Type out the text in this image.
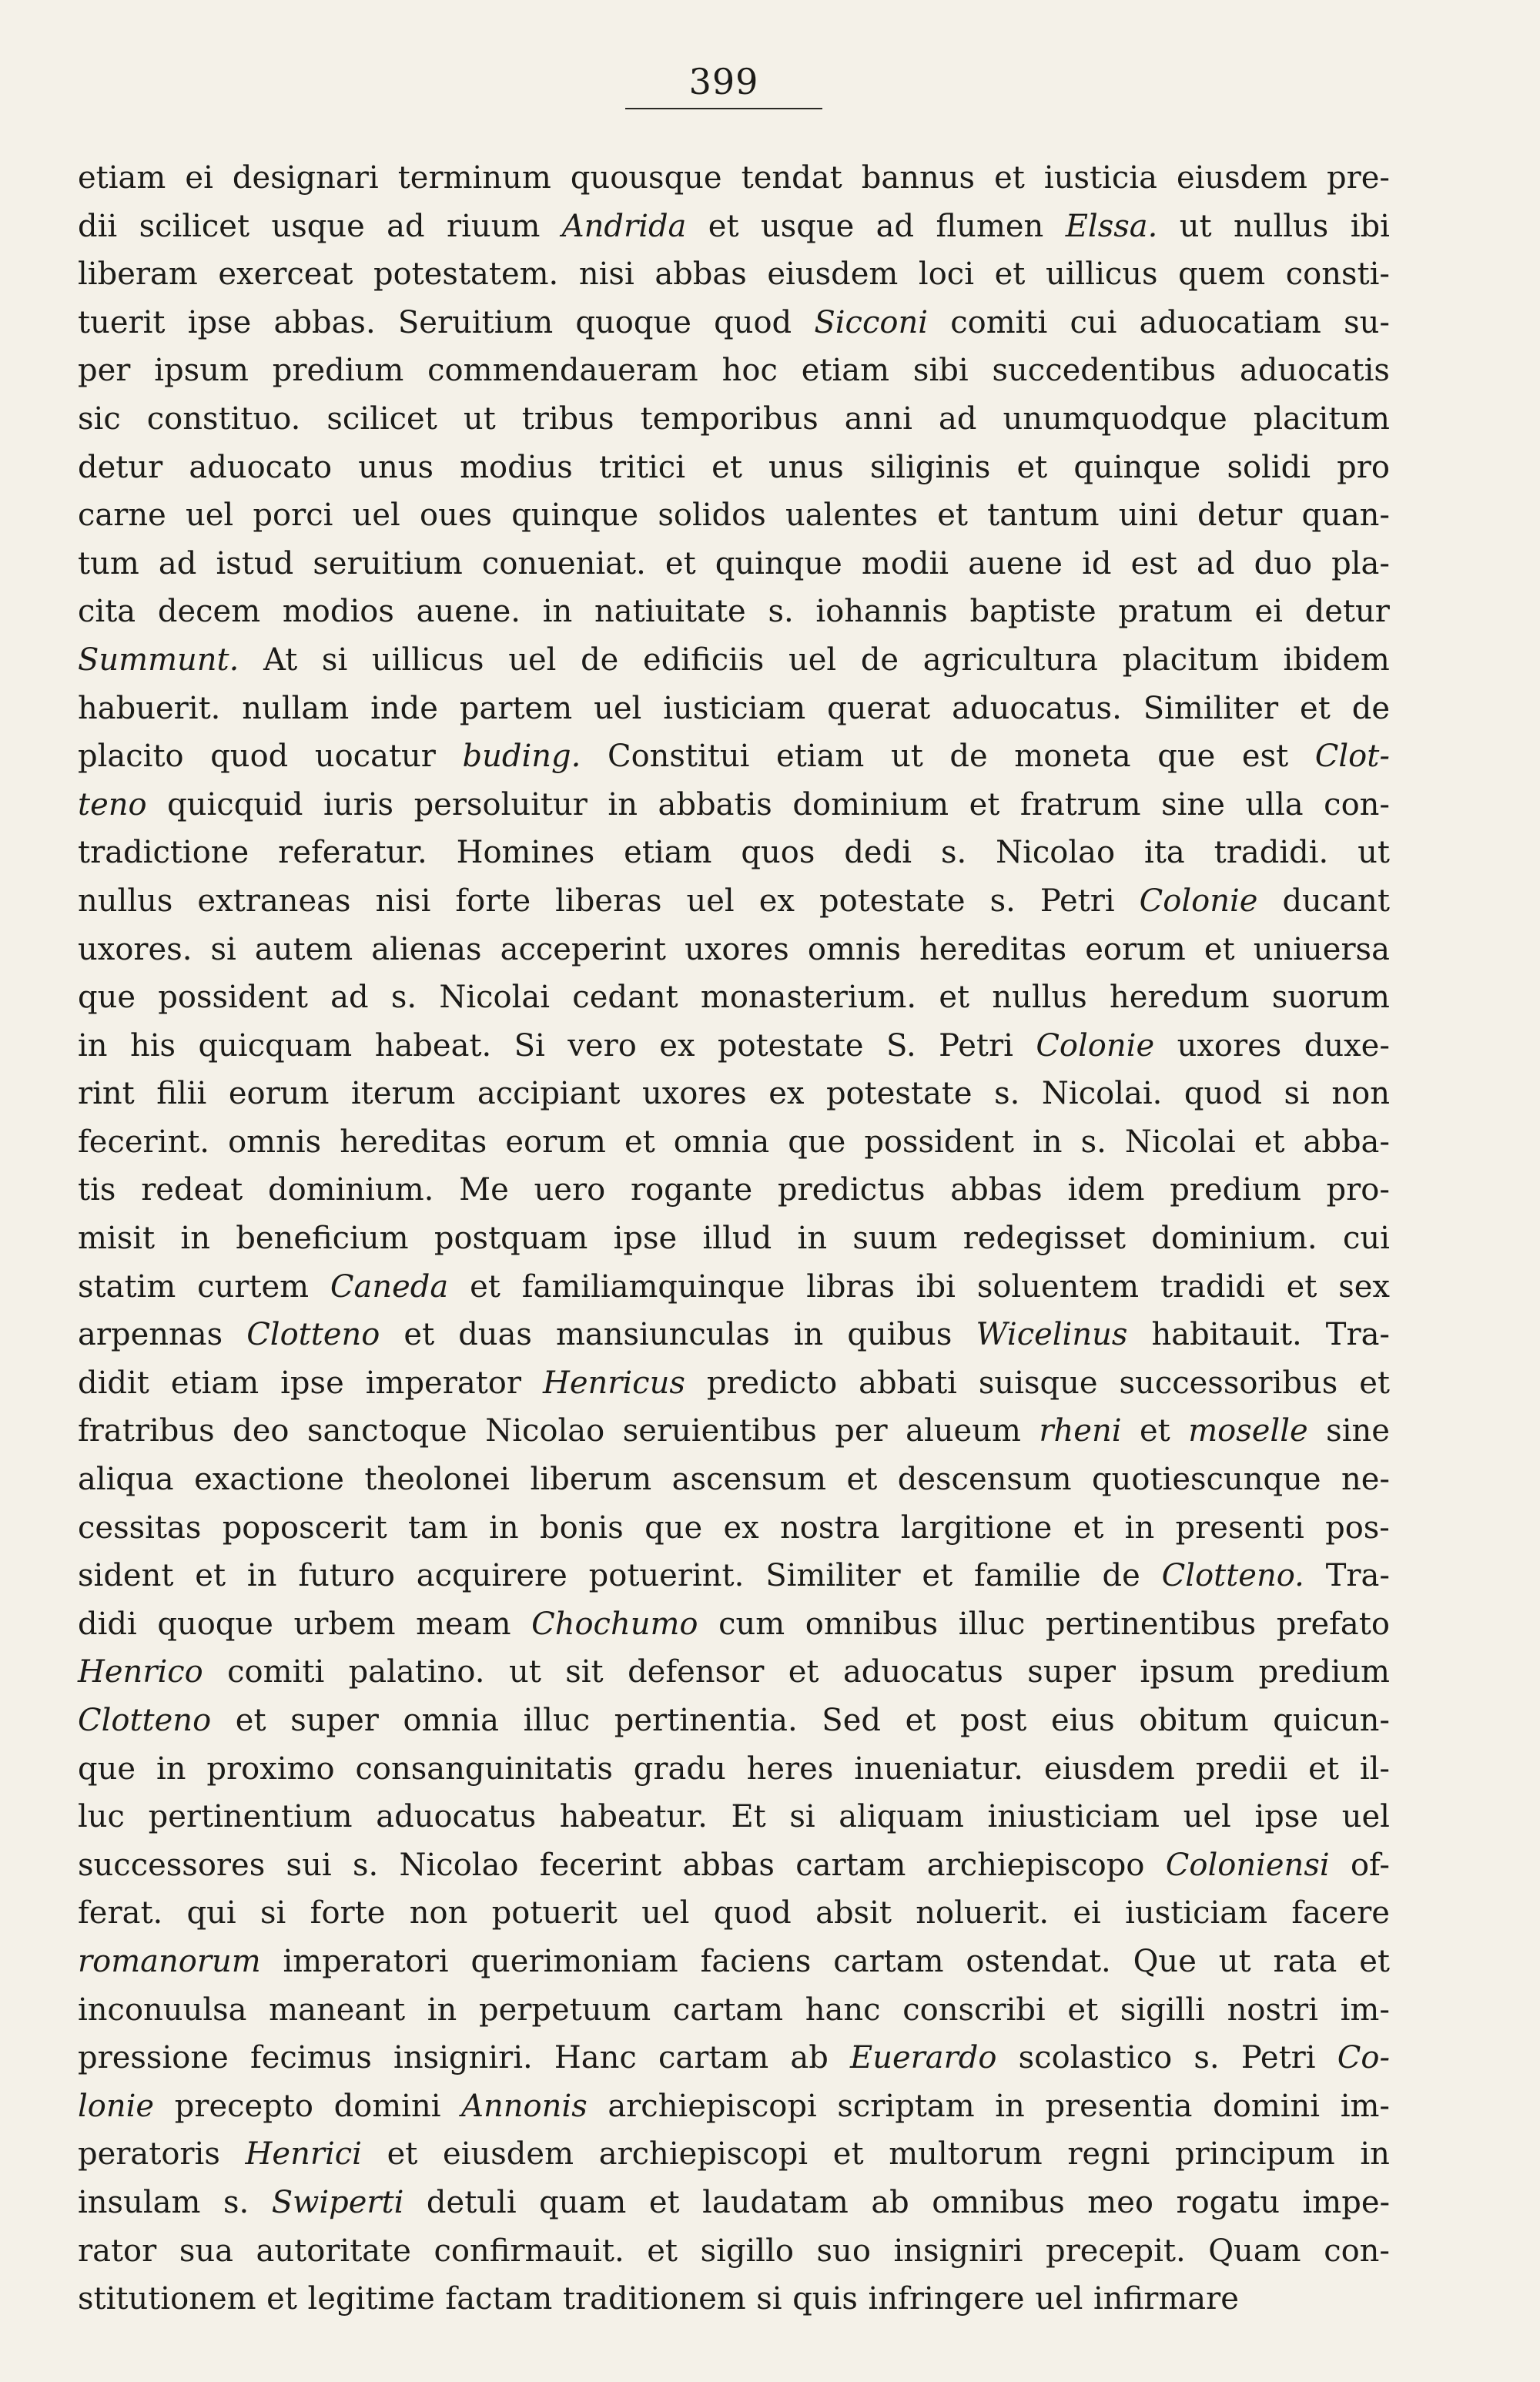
399
etiam ei designari terminum quousque tendat bannus et iusticia eiusdem pre-
dii scilicet usque ad riuum Andrida et usque ad flumen Elssa. ut nullus ibi
liberam exerceat potestatem. nisi abbas eiusdem loci et uillicus quem consti-
tuerit ipse abbas. Seruitium quoque quod Sicconi comiti cui aduocatiam su-
per ipsum predium commendaueram hoc etiam sibi succedentibus aduocatis
sic constituo. scilicet ut tribus temporibus anni ad unumquodque placitum
detur aduocato unus modius tritici et unus siliginis et quinque solidi pro
carne uel porci uel oues quinque solidos ualentes et tantum uini detur quan-
tum ad istud seruitium conueniat. et quinque modii auene id est ad duo pla-
cita decem modios auene. in natiuitate s. iohannis baptiste pratum ei detur
Summunt. At si uillicus uel de edificiis uel de agricultura placitum ibidem
habuerit. nullam inde partem uel iusticiam querat aduocatus. Similiter et de
placito quod uocatur buding. Constitui etiam ut de moneta que est Clot-
teno quicquid iuris persoluitur in abbatis dominium et fratrum sine ulla con-
tradictione referatur. Homines etiam quos dedi s. Nicolao ita tradidi. ut
nullus extraneas nisi forte liberas uel ex potestate s. Petri Colonie ducant
uxores. si autem alienas acceperint uxores omnis hereditas eorum et uniuersa
que possident ad s. Nicolai cedant monasterium. et nullus heredum suorum
in his quicquam habeat. Si vero ex potestate S. Petri Colonie uxores duxe-
rint filii eorum iterum accipiant uxores ex potestate s. Nicolai. quod si non
fecerint. omnis hereditas eorum et omnia que possident in s. Nicolai et abba-
tis redeat dominium. Me uero rogante predictus abbas idem predium pro-
misit in beneficium postquam ipse illud in suum redegisset dominium. cui
statim curtem Caneda et familiamquinque libras ibi soluentem tradidi et sex
arpennas Clotteno et duas mansiunculas in quibus Wicelinus habitauit. Tra-
didit etiam ipse imperator Henricus predicto abbati suisque successoribus et
fratribus deo sanctoque Nicolao seruientibus per alueum rheni et moselle sine
aliqua exactione theolonei liberum ascensum et descensum quotiescunque ne-
cessitas poposcerit tam in bonis que ex nostra largitione et in presenti pos-
sident et in futuro acquirere potuerint. Similiter et familie de Clotteno. Tra-
didi quoque urbem meam Chochumo cum omnibus illuc pertinentibus prefato
Henrico comiti palatino. ut sit defensor et aduocatus super ipsum predium
Clotteno et super omnia illuc pertinentia. Sed et post eius obitum quicun-
que in proximo consanguinitatis gradu heres inueniatur. eiusdem predii et il-
luc pertinentium aduocatus habeatur. Et si aliquam iniusticiam uel ipse uel
successores sui s. Nicolao fecerint abbas cartam archiepiscopo Coloniensi of-
ferat. qui si forte non potuerit uel quod absit noluerit. ei iusticiam facere
romanorum imperatori querimoniam faciens cartam ostendat. Que ut rata et
inconuulsa maneant in perpetuum cartam hanc conscribi et sigilli nostri im-
pressione fecimus insigniri. Hanc cartam ab Euerardo scolastico s. Petri Co-
lonie precepto domini Annonis archiepiscopi scriptam in presentia domini im-
peratoris Henrici et eiusdem archiepiscopi et multorum regni principum in
insulam s. Swiperti detuli quam et laudatam ab omnibus meo rogatu impe-
rator sua autoritate confirmauit. et sigillo suo insigniri precepit. Quam con-
stitutionem et legitime factam traditionem si quis infringere uel infirmare
